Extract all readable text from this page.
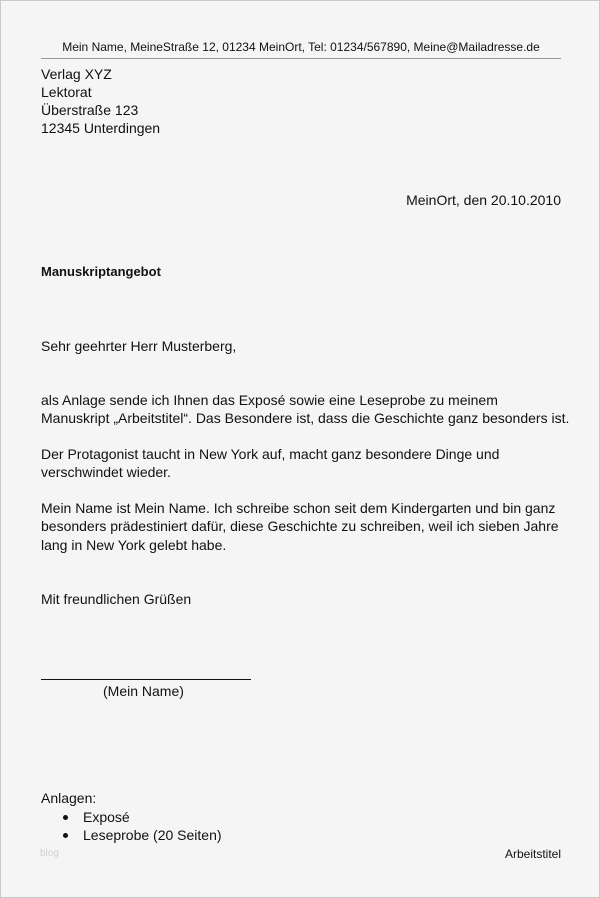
Mein Name, MeineStraße 12, 01234 MeinOrt, Tel: 01234/567890, Meine@Mailadresse.de
Verlag XYZ
Lektorat
Überstraße 123
12345 Unterdingen
MeinOrt, den 20.10.2010
Manuskriptangebot
Sehr geehrter Herr Musterberg,
als Anlage sende ich Ihnen das Exposé sowie eine Leseprobe zu meinem
Manuskript „Arbeitstitel“. Das Besondere ist, dass die Geschichte ganz besonders ist.
Der Protagonist taucht in New York auf, macht ganz besondere Dinge und
verschwindet wieder.
Mein Name ist Mein Name. Ich schreibe schon seit dem Kindergarten und bin ganz
besonders prädestiniert dafür, diese Geschichte zu schreiben, weil ich sieben Jahre
lang in New York gelebt habe.
Mit freundlichen Grüßen
(Mein Name)
Anlagen:
Exposé
Leseprobe (20 Seiten)
blog	Arbeitstitel
